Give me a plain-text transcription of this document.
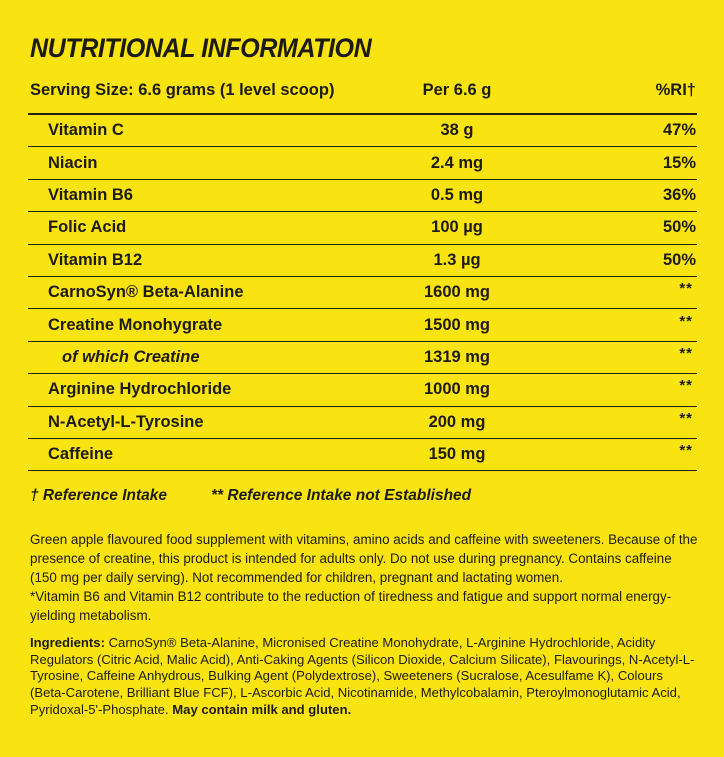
NUTRITIONAL INFORMATION
Serving Size: 6.6 grams (1 level scoop)	Per 6.6 g	%RI†
Vitamin C	38 g	47%
Niacin	2.4 mg	15%
Vitamin B6	0.5 mg	36%
Folic Acid	100 µg	50%
Vitamin B12	1.3 µg	50%
CarnoSyn® Beta-Alanine	1600 mg	**
Creatine Monohygrate	1500 mg	**
of which Creatine	1319 mg	**
Arginine Hydrochloride	1000 mg	**
N-Acetyl-L-Tyrosine	200 mg	**
Caffeine	150 mg	**
† Reference Intake	** Reference Intake not Established

Green apple flavoured food supplement with vitamins, amino acids and caffeine with sweeteners. Because of the presence of creatine, this product is intended for adults only. Do not use during pregnancy. Contains caffeine (150 mg per daily serving). Not recommended for children, pregnant and lactating women.

*Vitamin B6 and Vitamin B12 contribute to the reduction of tiredness and fatigue and support normal energy-yielding metabolism.

Ingredients: CarnoSyn® Beta-Alanine, Micronised Creatine Monohydrate, L-Arginine Hydrochloride, Acidity Regulators (Citric Acid, Malic Acid), Anti-Caking Agents (Silicon Dioxide, Calcium Silicate), Flavourings, N-Acetyl-L-Tyrosine, Caffeine Anhydrous, Bulking Agent (Polydextrose), Sweeteners (Sucralose, Acesulfame K), Colours (Beta-Carotene, Brilliant Blue FCF), L-Ascorbic Acid, Nicotinamide, Methylcobalamin, Pteroylmonoglutamic Acid, Pyridoxal-5'-Phosphate. May contain milk and gluten.
